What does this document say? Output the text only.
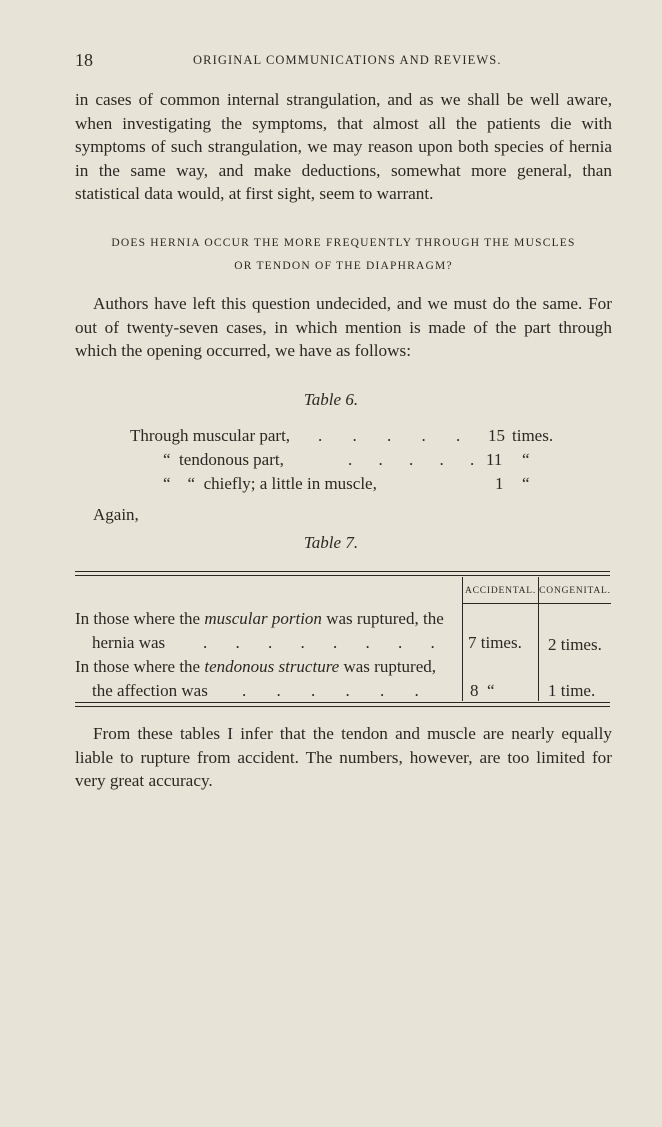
18	ORIGINAL COMMUNICATIONS AND REVIEWS.

in cases of common internal strangulation, and as we shall be well aware, when investigating the symptoms, that almost all the patients die with symptoms of such strangulation, we may reason upon both species of hernia in the same way, and make deductions, somewhat more general, than statistical data would, at first sight, seem to warrant.

DOES HERNIA OCCUR THE MORE FREQUENTLY THROUGH THE MUSCLES
OR TENDON OF THE DIAPHRAGM?

Authors have left this question undecided, and we must do the same. For out of twenty-seven cases, in which mention is made of the part through which the opening occurred, we have as follows:

Table 6.
Through muscular part, . . . . . 15 times.
“  tendonous part,	. . . . . 11 “
“    “  chiefly; a little in muscle,	1 “
Again,
Table 7.
ACCIDENTAL. CONGENITAL.
In those where the muscular portion was ruptured, the
hernia was . . . . . . . . 7 times. 2 times.
In those where the tendonous structure was ruptured,
the affection was . . . . . .	8  “	1 time.

From these tables I infer that the tendon and muscle are nearly equally liable to rupture from accident. The numbers, however, are too limited for very great accuracy.
